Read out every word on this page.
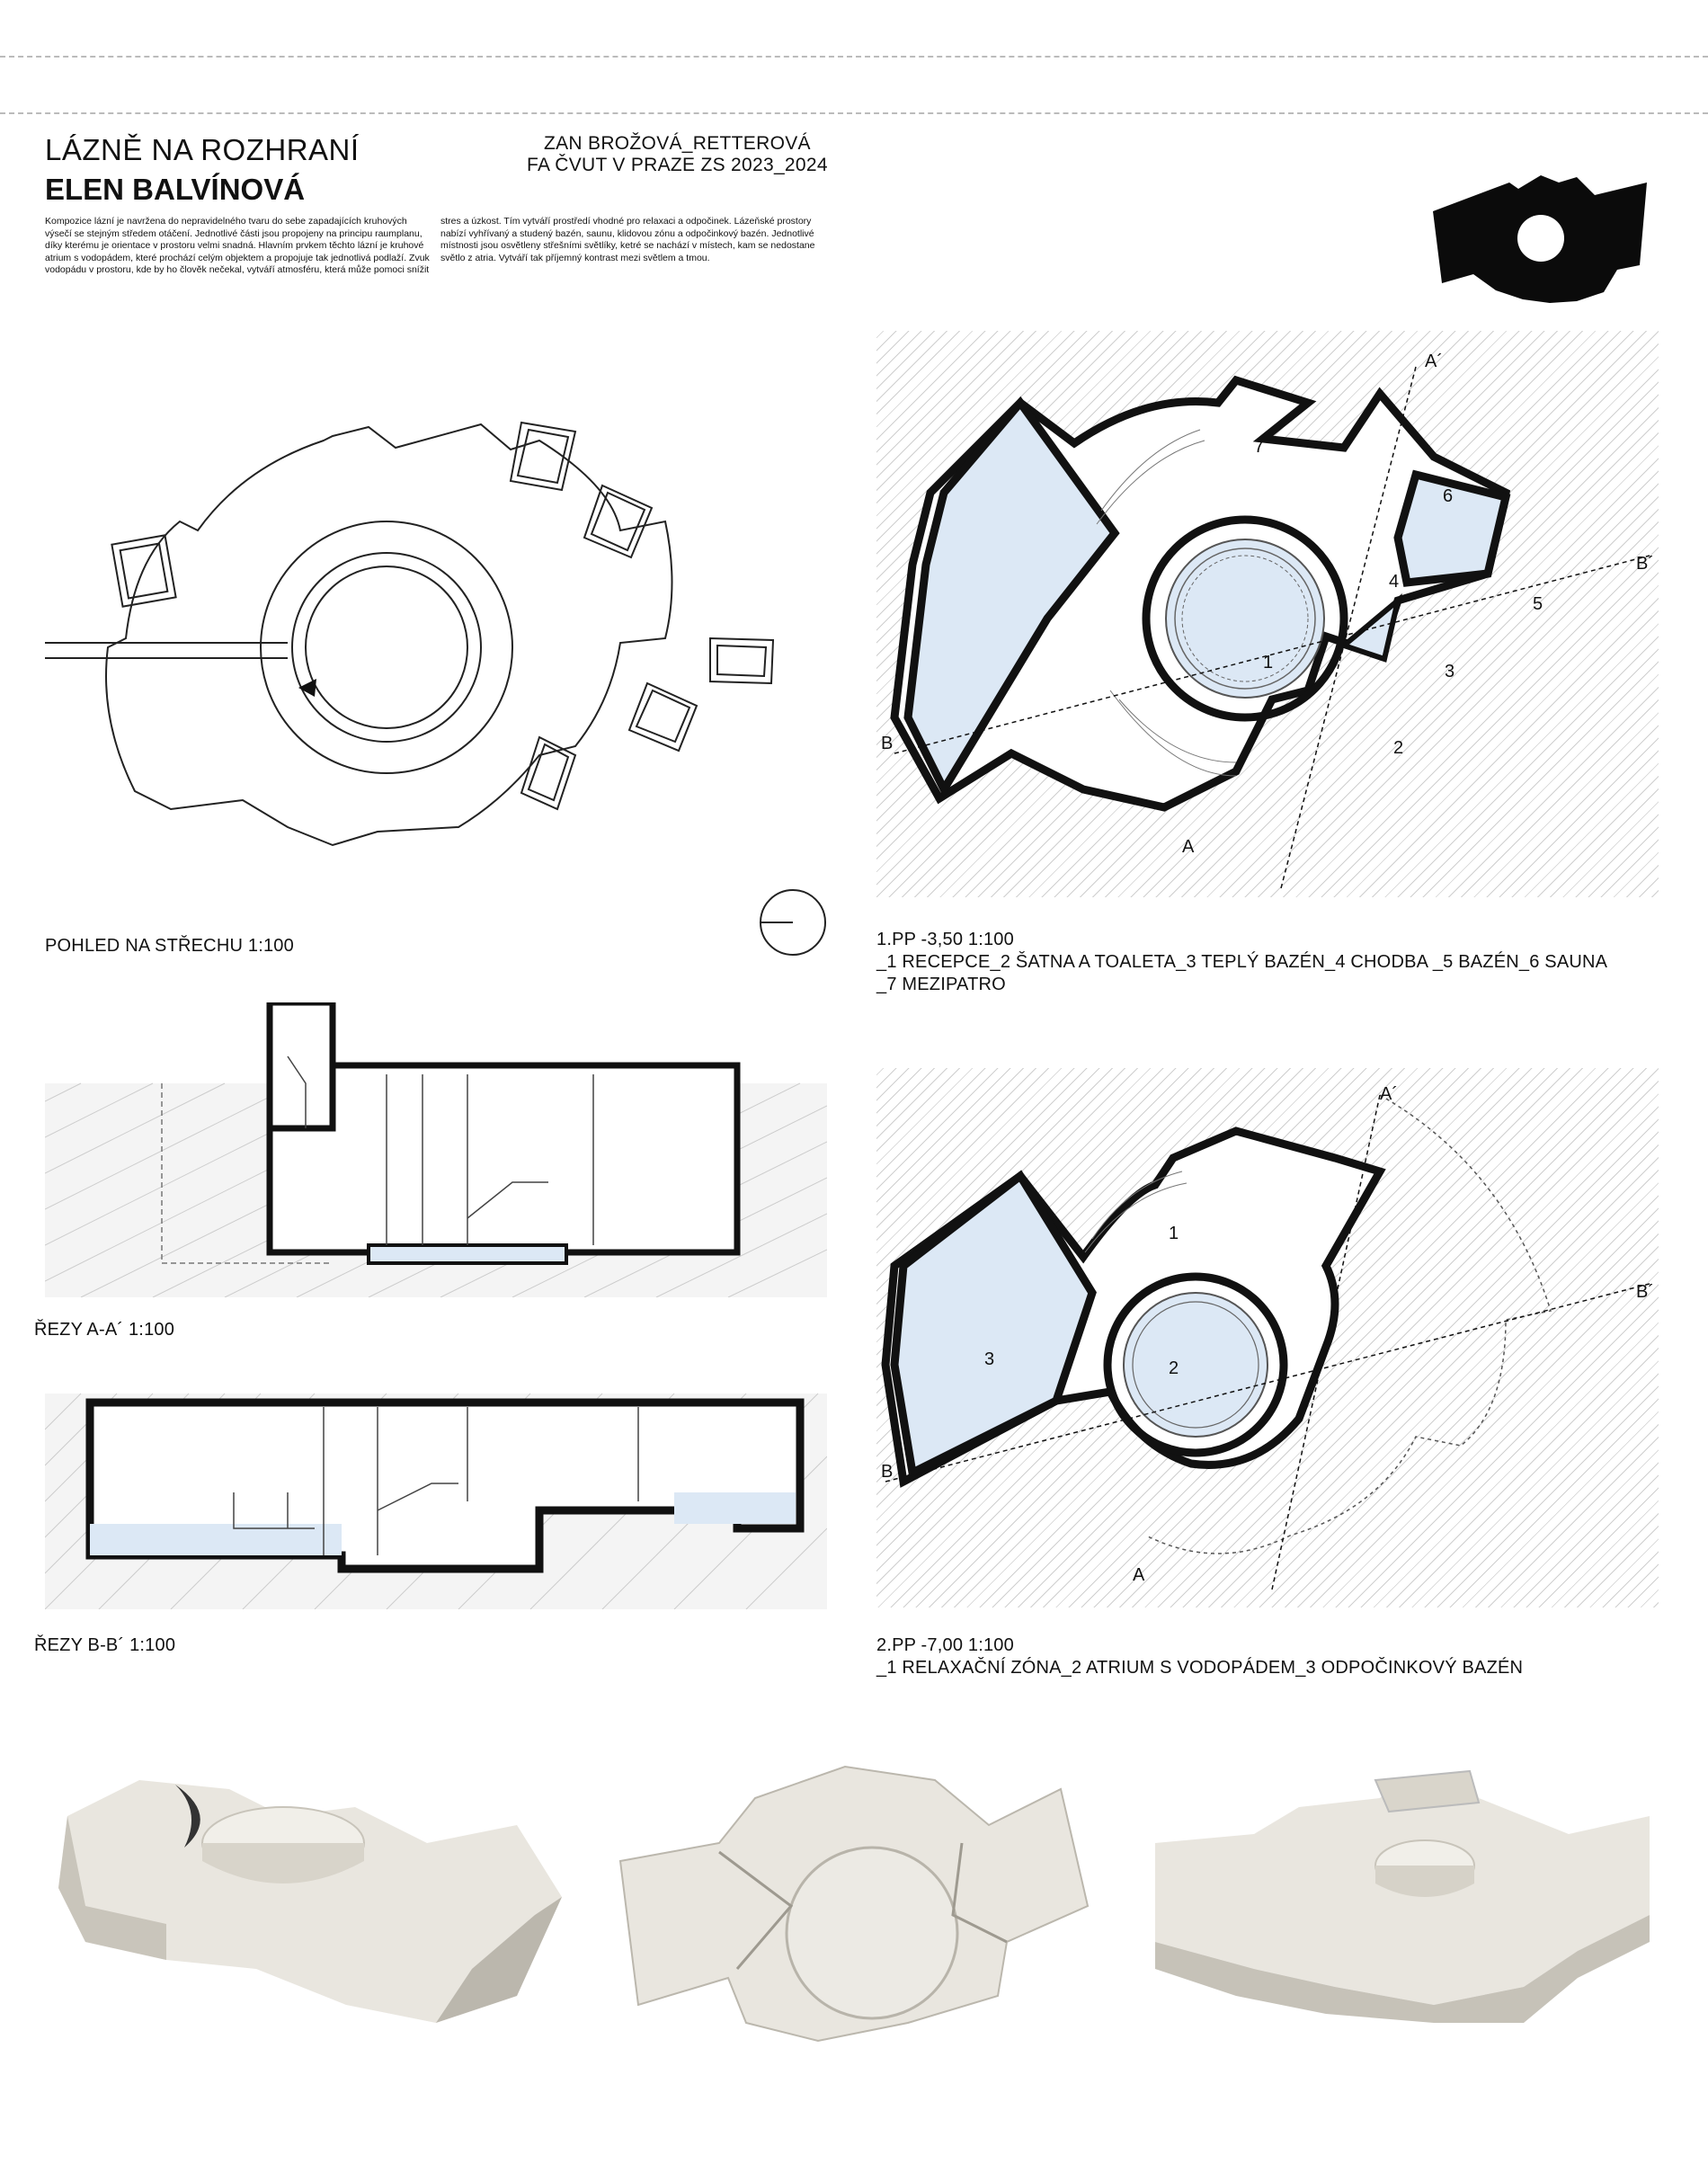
LÁZNĚ NA ROZHRANÍ
ELEN BALVÍNOVÁ
ZAN BROŽOVÁ_RETTEROVÁ
FA ČVUT V PRAZE ZS 2023_2024
Kompozice lázní je navržena do nepravidelného tvaru do sebe zapadajících kruhových výsečí se stejným středem otáčení. Jednotlivé části jsou propojeny na principu raumplanu, díky kterému je orientace v prostoru velmi snadná. Hlavním prvkem těchto lázní je kruhové atrium s vodopádem, které prochází celým objektem a propojuje tak jednotlivá podlaží. Zvuk vodopádu v prostoru, kde by ho člověk nečekal, vytváří atmosféru, která může pomoci snížit
stres a úzkost. Tím vytváří prostředí vhodné pro relaxaci a odpočinek. Lázeňské prostory nabízí vyhřívaný a studený bazén, saunu, klidovou zónu a odpočinkový bazén. Jednotlivé místnosti jsou osvětleny střešními světlíky, ketré se nachází v místech, kam se nedostane světlo z atria. Vytváří tak příjemný kontrast mezi světlem a tmou.
POHLED NA STŘECHU 1:100
1
2
3
4
5
6
7
A
A´
B
B´
1.PP -3,50 1:100
_1 RECEPCE_2 ŠATNA A TOALETA_3 TEPLÝ BAZÉN_4 CHODBA _5 BAZÉN_6 SAUNA
_7 MEZIPATRO
ŘEZY A-A´ 1:100
ŘEZY B-B´ 1:100
1
2
3
A
A´
B
B´
2.PP -7,00 1:100
_1 RELAXAČNÍ ZÓNA_2 ATRIUM S VODOPÁDEM_3 ODPOČINKOVÝ BAZÉN
